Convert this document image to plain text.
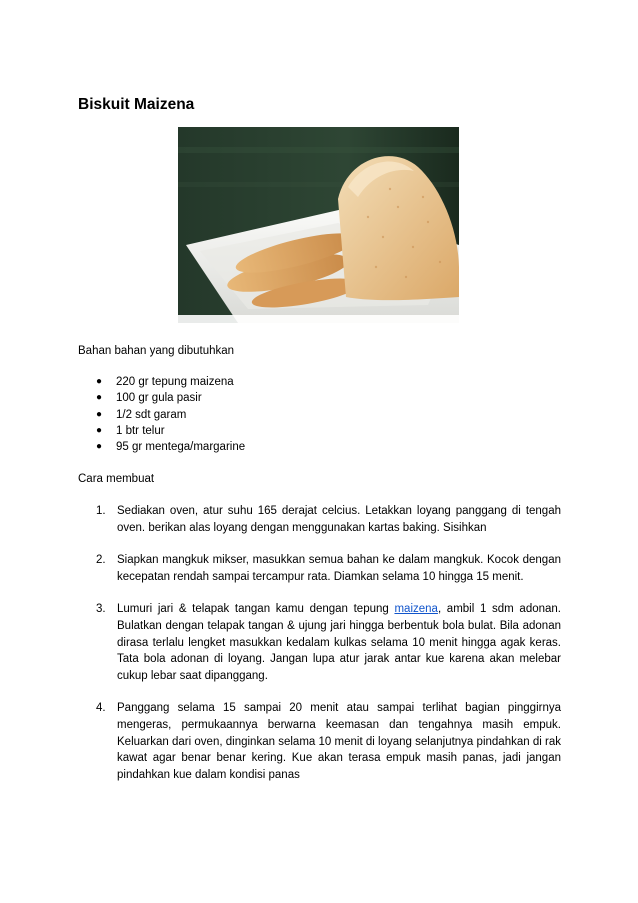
Biskuit Maizena

Bahan bahan yang dibutuhkan

● 220 gr tepung maizena
● 100 gr gula pasir
● 1/2 sdt garam
● 1 btr telur
● 95 gr mentega/margarine

Cara membuat

1. Sediakan oven, atur suhu 165 derajat celcius. Letakkan loyang panggang di tengah oven. berikan alas loyang dengan menggunakan kartas baking. Sisihkan
2. Siapkan mangkuk mikser, masukkan semua bahan ke dalam mangkuk. Kocok dengan kecepatan rendah sampai tercampur rata. Diamkan selama 10 hingga 15 menit.
3. Lumuri jari & telapak tangan kamu dengan tepung maizena, ambil 1 sdm adonan. Bulatkan dengan telapak tangan & ujung jari hingga berbentuk bola bulat. Bila adonan dirasa terlalu lengket masukkan kedalam kulkas selama 10 menit hingga agak keras. Tata bola adonan di loyang. Jangan lupa atur jarak antar kue karena akan melebar cukup lebar saat dipanggang.
4. Panggang selama 15 sampai 20 menit atau sampai terlihat bagian pinggirnya mengeras, permukaannya berwarna keemasan dan tengahnya masih empuk. Keluarkan dari oven, dinginkan selama 10 menit di loyang selanjutnya pindahkan di rak kawat agar benar benar kering. Kue akan terasa empuk masih panas, jadi jangan pindahkan kue dalam kondisi panas
